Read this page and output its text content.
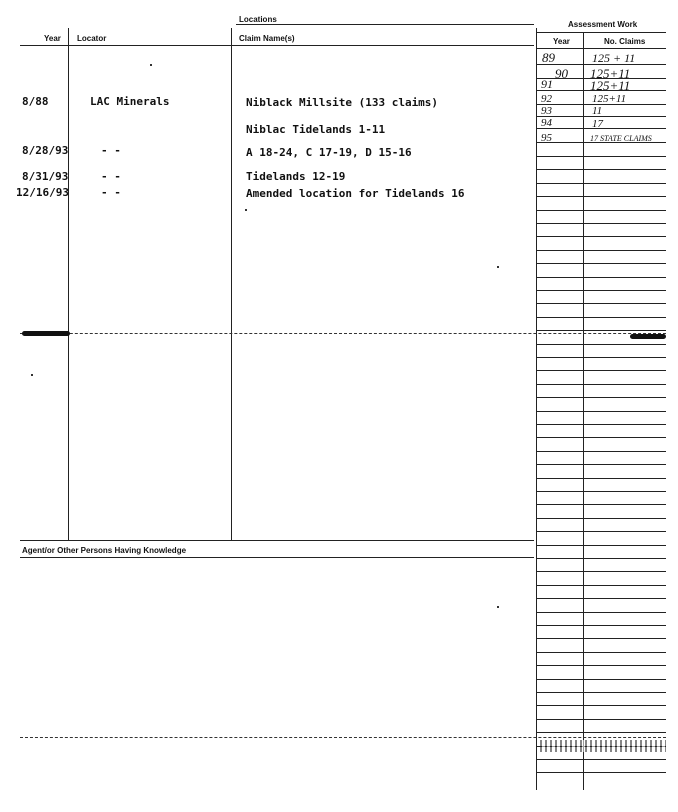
Locations
Assessment Work
Year Locator	Claim Name(s)	Year	No. Claims
Agent/or Other Persons Having Knowledge
8/88	LAC Minerals	Niblack Millsite (133 claims)
Niblac Tidelands 1-11
8/28/93	- -	A 18-24, C 17-19, D 15-16
8/31/93	- -	Tidelands 12-19
12/16/93	- -	Amended location for Tidelands 16
89	125 + 11
90 125+11
91	125+11
92	125+11
93	11
94	17
95	17 STATE CLAIMS
